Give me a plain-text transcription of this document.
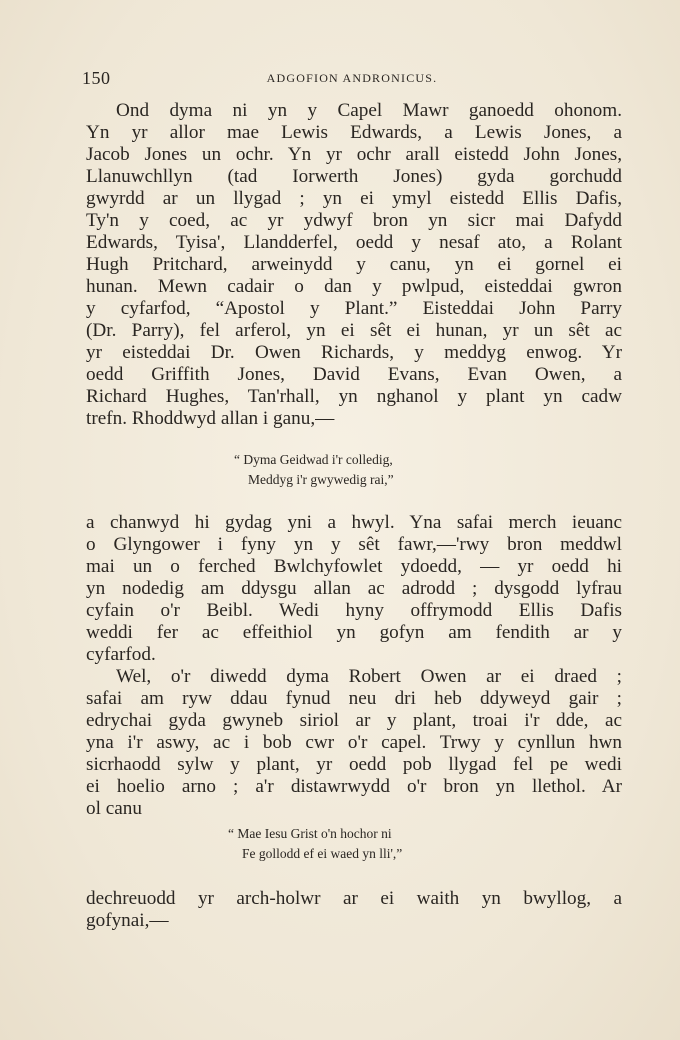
150	ADGOFION ANDRONICUS.
Ond dyma ni yn y Capel Mawr ganoedd ohonom.
Yn yr allor mae Lewis Edwards, a Lewis Jones, a
Jacob Jones un ochr. Yn yr ochr arall eistedd John Jones,
Llanuwchllyn (tad Iorwerth Jones) gyda gorchudd
gwyrdd ar un llygad ; yn ei ymyl eistedd Ellis Dafis,
Ty'n y coed, ac yr ydwyf bron yn sicr mai Dafydd
Edwards, Tyisa', Llandderfel, oedd y nesaf ato, a Rolant
Hugh Pritchard, arweinydd y canu, yn ei gornel ei
hunan. Mewn cadair o dan y pwlpud, eisteddai gwron
y cyfarfod, “Apostol y Plant.” Eisteddai John Parry
(Dr. Parry), fel arferol, yn ei sêt ei hunan, yr un sêt ac
yr eisteddai Dr. Owen Richards, y meddyg enwog. Yr
oedd Griffith Jones, David Evans, Evan Owen, a
Richard Hughes, Tan'rhall, yn nghanol y plant yn cadw
trefn. Rhoddwyd allan i ganu,—
“ Dyma Geidwad i'r colledig,
Meddyg i'r gwywedig rai,”
a chanwyd hi gydag yni a hwyl. Yna safai merch ieuanc
o Glyngower i fyny yn y sêt fawr,—'rwy bron meddwl
mai un o ferched Bwlchyfowlet ydoedd, — yr oedd hi
yn nodedig am ddysgu allan ac adrodd ; dysgodd lyfrau
cyfain o'r Beibl. Wedi hyny offrymodd Ellis Dafis
weddi fer ac effeithiol yn gofyn am fendith ar y
cyfarfod.
Wel, o'r diwedd dyma Robert Owen ar ei draed ;
safai am ryw ddau fynud neu dri heb ddyweyd gair ;
edrychai gyda gwyneb siriol ar y plant, troai i'r dde, ac
yna i'r aswy, ac i bob cwr o'r capel. Trwy y cynllun hwn
sicrhaodd sylw y plant, yr oedd pob llygad fel pe wedi
ei hoelio arno ; a'r distawrwydd o'r bron yn llethol. Ar
ol canu
“ Mae Iesu Grist o'n hochor ni
Fe gollodd ef ei waed yn lli',”
dechreuodd yr arch-holwr ar ei waith yn bwyllog, a
gofynai,—
